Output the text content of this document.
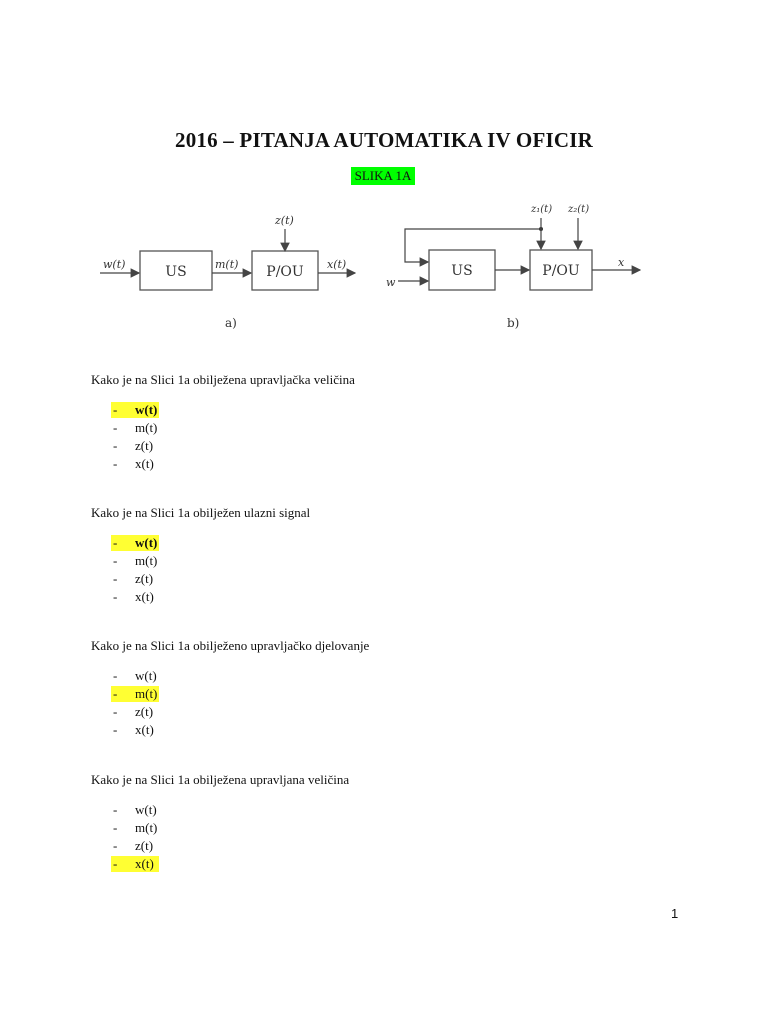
2016 – PITANJA AUTOMATIKA IV OFICIR
SLIKA 1A
w(t)	US	m(t)
z(t)
P/OU x(t)
a)
w
US
z₁(t) z₂(t)
P/OU
x
b)
Kako je na Slici 1a obilježena upravljačka veličina
-	w(t)
-	m(t)
-	z(t)
-	x(t)
Kako je na Slici 1a obilježen ulazni signal
-	w(t)
-	m(t)
-	z(t)
-	x(t)
Kako je na Slici 1a obilježeno upravljačko djelovanje
-	w(t)
-	m(t)
-	z(t)
-	x(t)
Kako je na Slici 1a obilježena upravljana veličina
-	w(t)
-	m(t)
-	z(t)
-	x(t)
1
